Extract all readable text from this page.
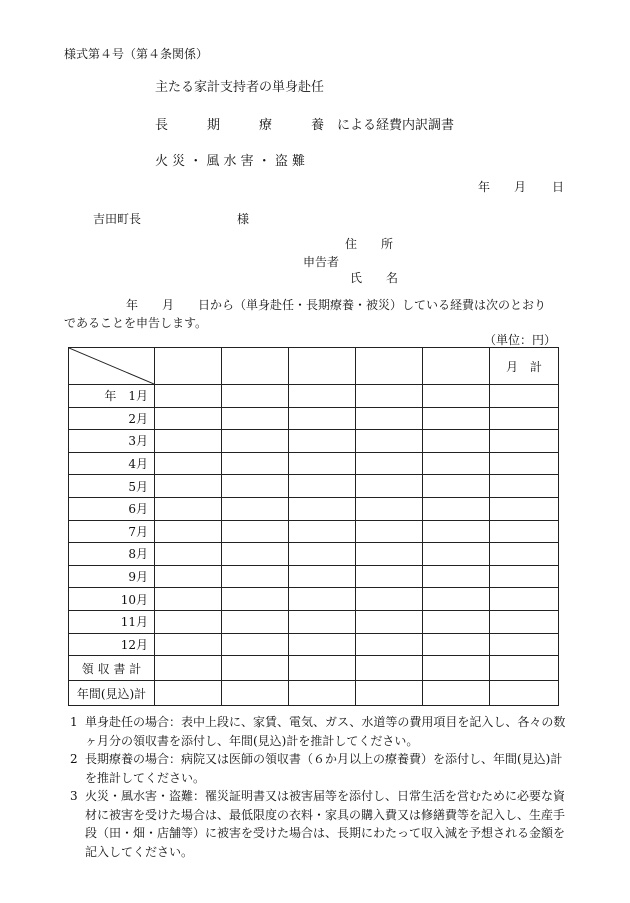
様式第４号（第４条関係）
主たる家計支持者の単身赴任
長　　　期　　　療　　　養　による経費内訳調書
火 災 ・ 風 水 害 ・ 盗 難
年 月 日
吉田町長	様
住　　所
申告者
氏　　名
年　　月　　日から（単身赴任・長期療養・被災）している経費は次のとおり
であることを申告します。
（単位：円）
						月　計
年　1月						
2月						
3月						
4月						
5月						
6月						
7月						
8月						
9月						
10月						
11月						
12月						
領 収 書 計						
年間(見込)計						
1 単身赴任の場合：表中上段に、家賃、電気、ガス、水道等の費用項目を記入し、各々の数ヶ月分の領収書を添付し、年間(見込)計を推計してください。
2 長期療養の場合：病院又は医師の領収書（６か月以上の療養費）を添付し、年間(見込)計を推計してください。
3 火災・風水害・盗難：罹災証明書又は被害届等を添付し、日常生活を営むために必要な資材に被害を受けた場合は、最低限度の衣料・家具の購入費又は修繕費等を記入し、生産手段（田・畑・店舗等）に被害を受けた場合は、長期にわたって収入減を予想される金額を記入してください。
